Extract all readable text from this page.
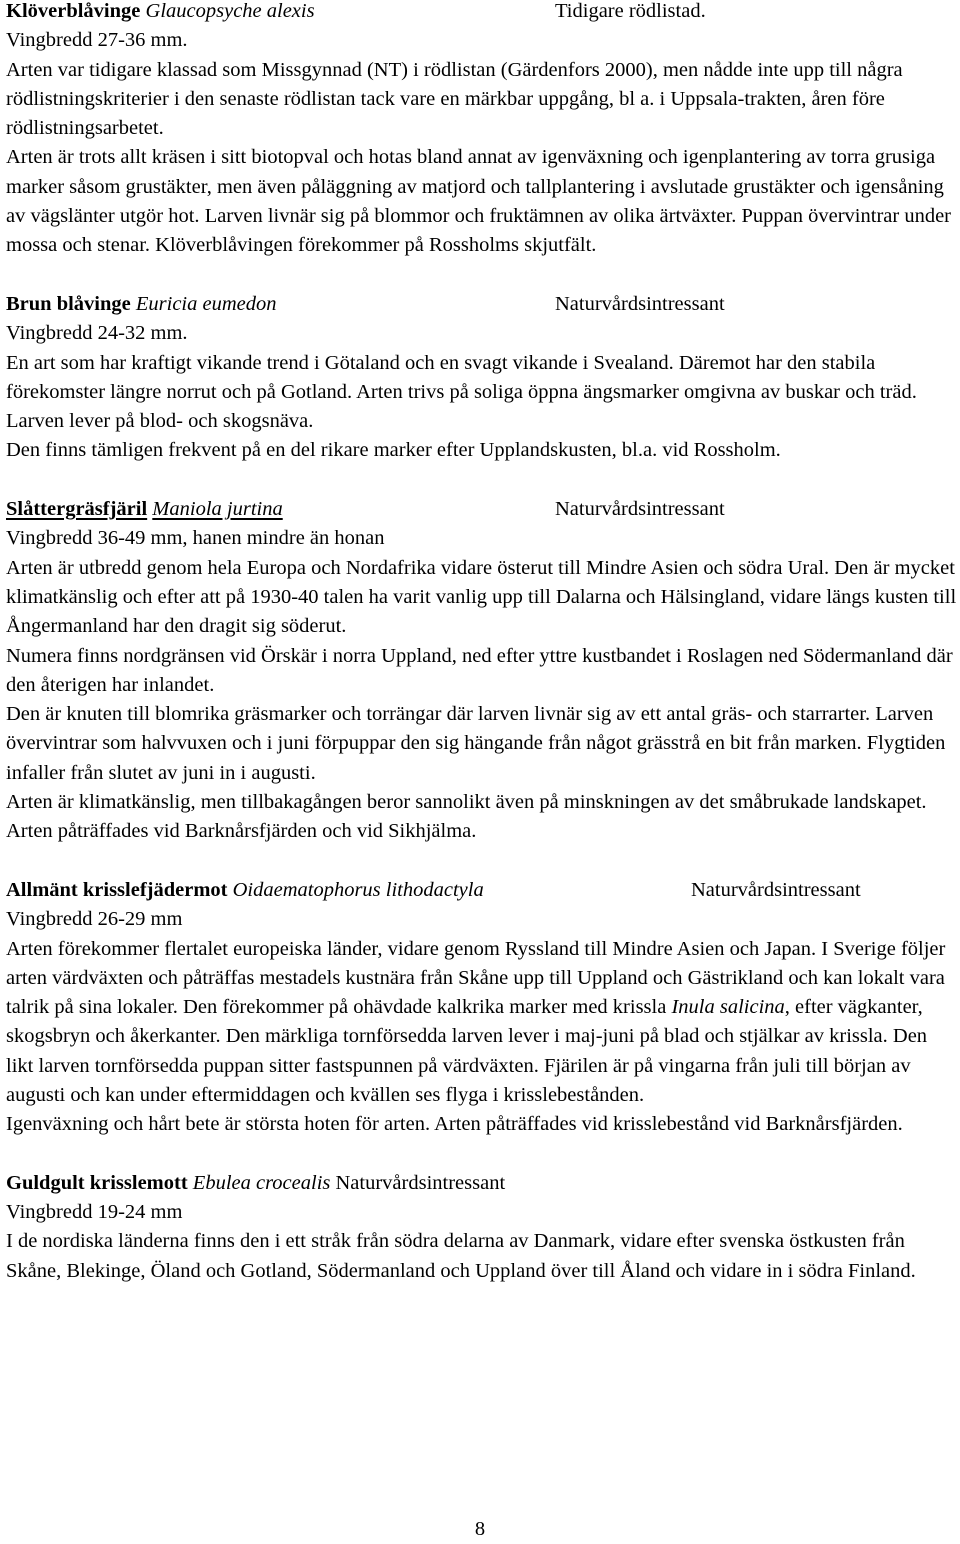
Klöverblåvinge Glaucopsyche alexis	Tidigare rödlistad.

Vingbredd 27-36 mm.

Arten var tidigare klassad som Missgynnad (NT) i rödlistan (Gärdenfors 2000), men nådde inte upp till några rödlistningskriterier i den senaste rödlistan tack vare en märkbar uppgång, bl a. i Uppsala-trakten, åren före rödlistningsarbetet.

Arten är trots allt kräsen i sitt biotopval och hotas bland annat av igenväxning och igenplantering av torra grusiga marker såsom grustäkter, men även påläggning av matjord och tallplantering i avslutade grustäkter och igensåning av vägslänter utgör hot. Larven livnär sig på blommor och fruktämnen av olika ärtväxter. Puppan övervintrar under mossa och stenar. Klöverblåvingen förekommer på Rossholms skjutfält.

Brun blåvinge Euricia eumedon	Naturvårdsintressant

Vingbredd 24-32 mm.

En art som har kraftigt vikande trend i Götaland och en svagt vikande i Svealand. Däremot har den stabila förekomster längre norrut och på Gotland. Arten trivs på soliga öppna ängsmarker omgivna av buskar och träd. Larven lever på blod- och skogsnäva.

Den finns tämligen frekvent på en del rikare marker efter Upplandskusten, bl.a. vid Rossholm.

Slåttergräsfjäril Maniola jurtina	Naturvårdsintressant

Vingbredd 36-49 mm, hanen mindre än honan

Arten är utbredd genom hela Europa och Nordafrika vidare österut till Mindre Asien och södra Ural. Den är mycket klimatkänslig och efter att på 1930-40 talen ha varit vanlig upp till Dalarna och Hälsingland, vidare längs kusten till Ångermanland har den dragit sig söderut.

Numera finns nordgränsen vid Örskär i norra Uppland, ned efter yttre kustbandet i Roslagen ned Södermanland där den återigen har inlandet.

Den är knuten till blomrika gräsmarker och torrängar där larven livnär sig av ett antal gräs- och starrarter. Larven övervintrar som halvvuxen och i juni förpuppar den sig hängande från något grässtrå en bit från marken. Flygtiden infaller från slutet av juni in i augusti.

Arten är klimatkänslig, men tillbakagången beror sannolikt även på minskningen av det småbrukade landskapet. Arten påträffades vid Barknårsfjärden och vid Sikhjälma.

Allmänt krisslefjädermot Oidaematophorus lithodactyla	Naturvårdsintressant

Vingbredd 26-29 mm

Arten förekommer flertalet europeiska länder, vidare genom Ryssland till Mindre Asien och Japan. I Sverige följer arten värdväxten och påträffas mestadels kustnära från Skåne upp till Uppland och Gästrikland och kan lokalt vara talrik på sina lokaler. Den förekommer på ohävdade kalkrika marker med krissla Inula salicina, efter vägkanter, skogsbryn och åkerkanter. Den märkliga tornförsedda larven lever i maj-juni på blad och stjälkar av krissla. Den likt larven tornförsedda puppan sitter fastspunnen på värdväxten. Fjärilen är på vingarna från juli till början av augusti och kan under eftermiddagen och kvällen ses flyga i krisslebestånden.

Igenväxning och hårt bete är största hoten för arten. Arten påträffades vid krisslebestånd vid Barknårsfjärden.

Guldgult krisslemott Ebulea crocealis Naturvårdsintressant

Vingbredd 19-24 mm

I de nordiska länderna finns den i ett stråk från södra delarna av Danmark, vidare efter svenska östkusten från Skåne, Blekinge, Öland och Gotland, Södermanland och Uppland över till Åland och vidare in i södra Finland.

8
